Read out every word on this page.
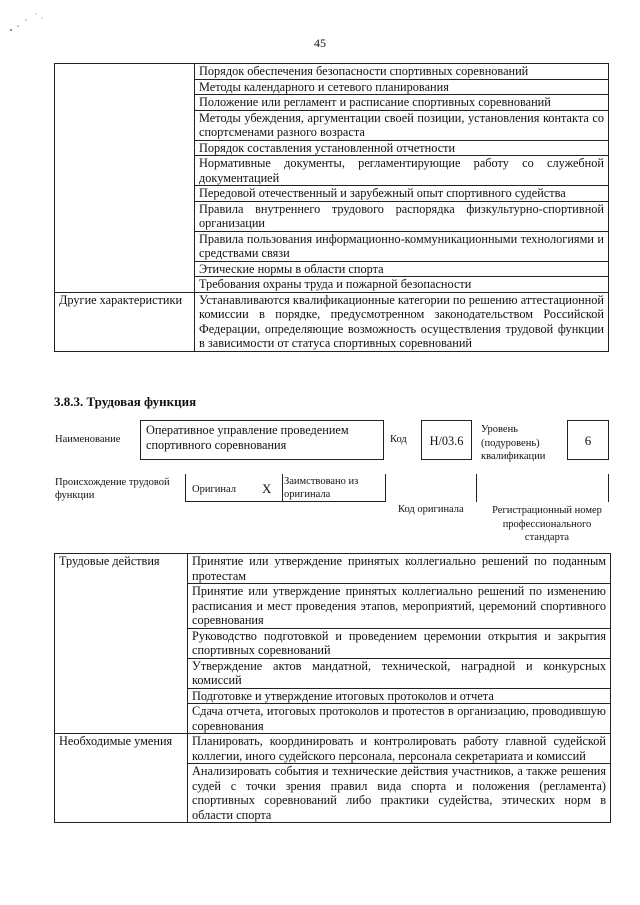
45
	Порядок обеспечения безопасности спортивных соревнований
	Методы календарного и сетевого планирования
	Положение или регламент и расписание спортивных соревнований
	Методы убеждения, аргументации своей позиции, установления контакта со спортсменами разного возраста
	Порядок составления установленной отчетности
	Нормативные документы, регламентирующие работу со служебной документацией
	Передовой отечественный и зарубежный опыт спортивного судейства
	Правила внутреннего трудового распорядка физкультурно-спортивной организации
	Правила пользования информационно-коммуникационными технологиями и средствами связи
	Этические нормы в области спорта
	Требования охраны труда и пожарной безопасности
Другие характеристики	Устанавливаются квалификационные категории по решению аттестационной комиссии в порядке, предусмотренном законодательством Российской Федерации, определяющие возможность осуществления трудовой функции в зависимости от статуса спортивных соревнований
3.8.3. Трудовая функция
Наименование
Оперативное управление проведением спортивного соревнования	Код	H/03.6
Уровень (подуровень) квалификации
6
Происхождение трудовой функции	Оригинал X Заимствовано из оригинала
Код оригинала	Регистрационный номер профессионального стандарта
Трудовые действия	Принятие или утверждение принятых коллегиально решений по поданным протестам
	Принятие или утверждение принятых коллегиально решений по изменению расписания и мест проведения этапов, мероприятий, церемоний спортивного соревнования
	Руководство подготовкой и проведением церемонии открытия и закрытия спортивных соревнований
	Утверждение актов мандатной, технической, наградной и конкурсных комиссий
	Подготовке и утверждение итоговых протоколов и отчета
	Сдача отчета, итоговых протоколов и протестов в организацию, проводившую соревнования
Необходимые умения	Планировать, координировать и контролировать работу главной судейской коллегии, иного судейского персонала, персонала секретариата и комиссий
	Анализировать события и технические действия участников, а также решения судей с точки зрения правил вида спорта и положения (регламента) спортивных соревнований либо практики судейства, этических норм в области спорта
